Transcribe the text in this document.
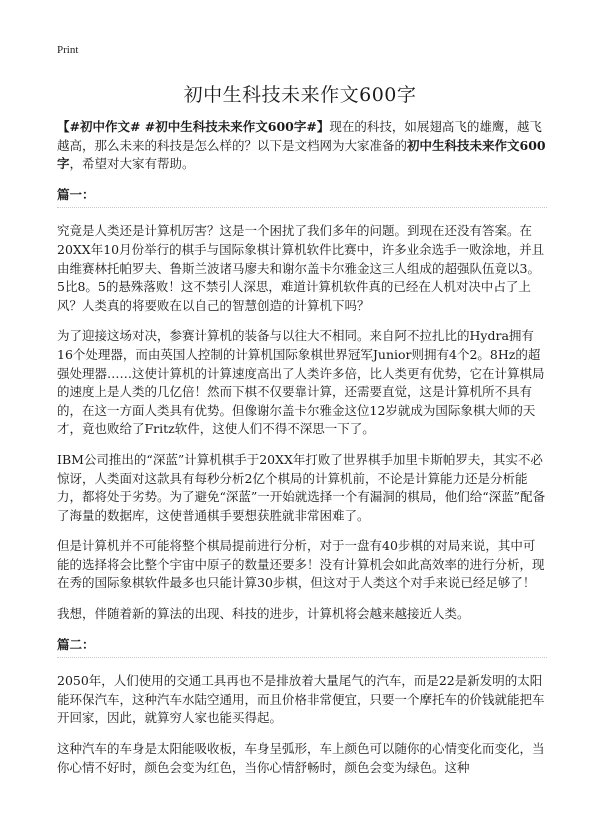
Print
初中生科技未来作文600字

【#初中作文# #初中生科技未来作文600字#】现在的科技，如展翅高飞的雄鹰，越飞越高，那么未来的科技是怎么样的？以下是文档网为大家准备的初中生科技未来作文600字，希望对大家有帮助。

篇一：

究竟是人类还是计算机厉害？这是一个困扰了我们多年的问题。到现在还没有答案。在20XX年10月份举行的棋手与国际象棋计算机软件比赛中，许多业余选手一败涂地，并且由维赛林托帕罗夫、鲁斯兰波诸马廖夫和谢尔盖卡尔雅金这三人组成的超强队伍竟以3。5比8。5的悬殊落败！这不禁引人深思，难道计算机软件真的已经在人机对决中占了上风？人类真的将要败在以自己的智慧创造的计算机下吗？

为了迎接这场对决，参赛计算机的装备与以往大不相同。来自阿不拉扎比的Hydra拥有16个处理器，而由英国人控制的计算机国际象棋世界冠军Junior则拥有4个2。8Hz的超强处理器……这使计算机的计算速度高出了人类许多倍，比人类更有优势，它在计算棋局的速度上是人类的几亿倍！然而下棋不仅要靠计算，还需要直觉，这是计算机所不具有的，在这一方面人类具有优势。但像谢尔盖卡尔雅金这位12岁就成为国际象棋大师的天才，竟也败给了Fritz软件，这使人们不得不深思一下了。

IBM公司推出的“深蓝”计算机棋手于20XX年打败了世界棋手加里卡斯帕罗夫，其实不必惊讶，人类面对这款具有每秒分析2亿个棋局的计算机前，不论是计算能力还是分析能力，都将处于劣势。为了避免“深蓝”一开始就选择一个有漏洞的棋局，他们给“深蓝”配备了海量的数据库，这使普通棋手要想获胜就非常困难了。

但是计算机并不可能将整个棋局提前进行分析，对于一盘有40步棋的对局来说，其中可能的选择将会比整个宇宙中原子的数量还要多！没有计算机会如此高效率的进行分析，现在秀的国际象棋软件最多也只能计算30步棋，但这对于人类这个对手来说已经足够了！

我想，伴随着新的算法的出现、科技的进步，计算机将会越来越接近人类。

篇二：

2050年，人们使用的交通工具再也不是排放着大量尾气的汽车，而是22是新发明的太阳能环保汽车，这种汽车水陆空通用，而且价格非常便宜，只要一个摩托车的价钱就能把车开回家，因此，就算穷人家也能买得起。

这种汽车的车身是太阳能吸收板，车身呈弧形，车上颜色可以随你的心情变化而变化，当你心情不好时，颜色会变为红色，当你心情舒畅时，颜色会变为绿色。这种
